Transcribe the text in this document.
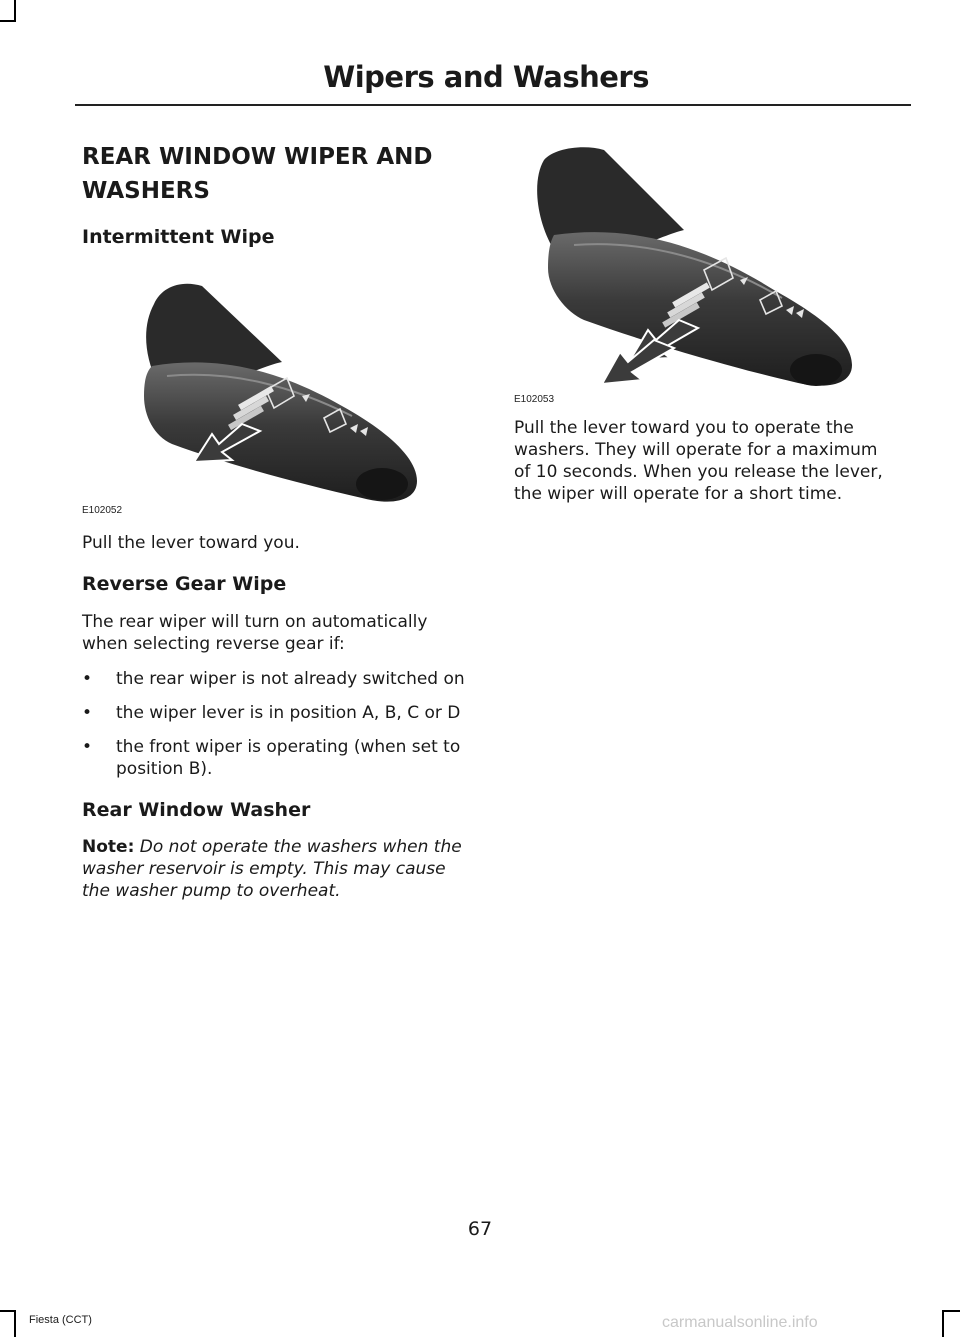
Wipers and Washers
REAR WINDOW WIPER AND
WASHERS
Intermittent Wipe
E102052

Pull the lever toward you.

Reverse Gear Wipe

The rear wiper will turn on automatically when selecting reverse gear if:

• the rear wiper is not already switched on
• the wiper lever is in position A, B, C or D
• the front wiper is operating (when set to position B).
Rear Window Washer

Note: Do not operate the washers when the washer reservoir is empty. This may cause the washer pump to overheat.

E102053

Pull the lever toward you to operate the washers. They will operate for a maximum of 10 seconds. When you release the lever, the wiper will operate for a short time.

67
Fiesta (CCT)	carmanualsonline.info
